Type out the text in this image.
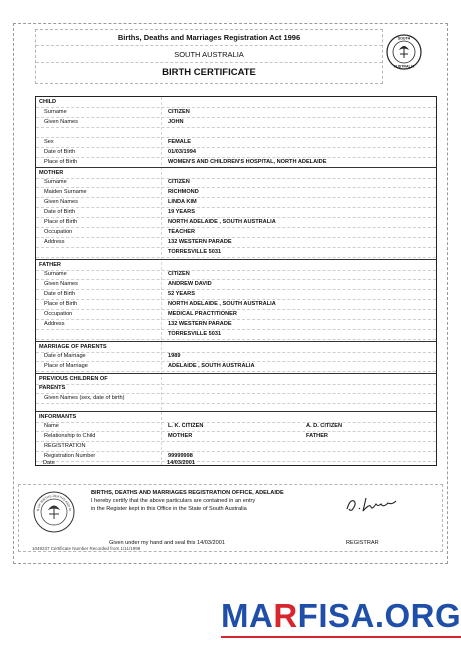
Births, Deaths and Marriages Registration Act 1996
SOUTH AUSTRALIA
BIRTH CERTIFICATE
SOUTH
AUSTRALIA
CHILD
Surname	CITIZEN
Given Names	JOHN
Sex	FEMALE
Date of Birth	01/03/1994
Place of Birth	WOMEN'S AND CHILDREN'S HOSPITAL, NORTH ADELAIDE
MOTHER
Surname	CITIZEN
Maiden Surname	RICHMOND
Given Names	LINDA KIM
Date of Birth	19 YEARS
Place of Birth	NORTH ADELAIDE , SOUTH AUSTRALIA
Occupation	TEACHER
Address	132 WESTERN PARADE
TORRESVILLE 5031
FATHER
Surname	CITIZEN
Given Names	ANDREW DAVID
Date of Birth	52 YEARS
Place of Birth	NORTH ADELAIDE , SOUTH AUSTRALIA
Occupation	MEDICAL PRACTITIONER
Address	132 WESTERN PARADE
TORRESVILLE 5031
MARRIAGE OF PARENTS
Date of Marriage	1989
Place of Marriage	ADELAIDE , SOUTH AUSTRALIA
PREVIOUS CHILDREN OF
PARENTS
Given Names (sex, date of birth)
INFORMANTS
Name	L. K. CITIZEN	A. D. CITIZEN
Relationship to Child	MOTHER	FATHER
REGISTRATION
Registration Number	99999998
Date	14/03/2001
R OF BIRTHS DEATHS AND M
BIRTHS, DEATHS AND MARRIAGES REGISTRATION OFFICE, ADELAIDE
I hereby certify that the above particulars are contained in an entry
in the Register kept in this Office in the State of South Australia
Given under my hand and seal this 14/03/2001	REGISTRAR
1049237 Certificate Number Recorded from 1/11/1999
MARFISA.ORG
